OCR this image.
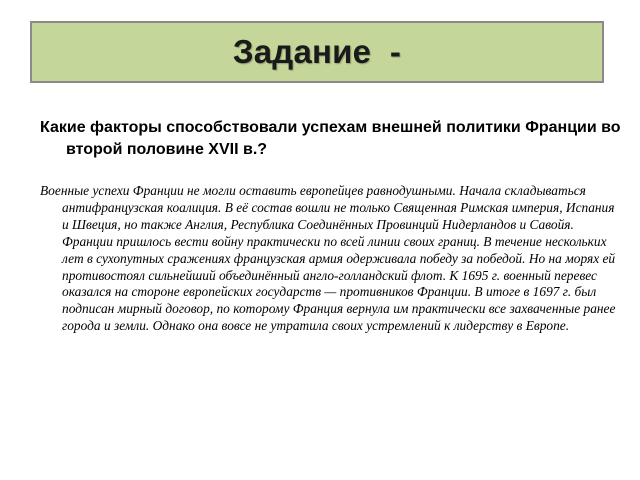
Задание  -

Какие факторы способствовали успехам внешней политики Франции во второй половине XVII в.?

Военные успехи Франции не могли оставить европейцев равнодушными. Начала складываться антифранцузская коалиция. В её состав вошли не только Священная Римская империя, Испания и Швеция, но также Англия, Республика Соединённых Провинций Нидерландов и Савойя. Франции пришлось вести войну практически по всей линии своих границ. В течение нескольких лет в сухопутных сражениях французская армия одерживала победу за победой. Но на морях ей противостоял сильнейший объединённый англо-голландский флот. К 1695 г. военный перевес оказался на стороне европейских государств — противников Франции. В итоге в 1697 г. был подписан мирный договор, по которому Франция вернула им практически все захваченные ранее города и земли. Однако она вовсе не утратила своих устремлений к лидерству в Европе.
